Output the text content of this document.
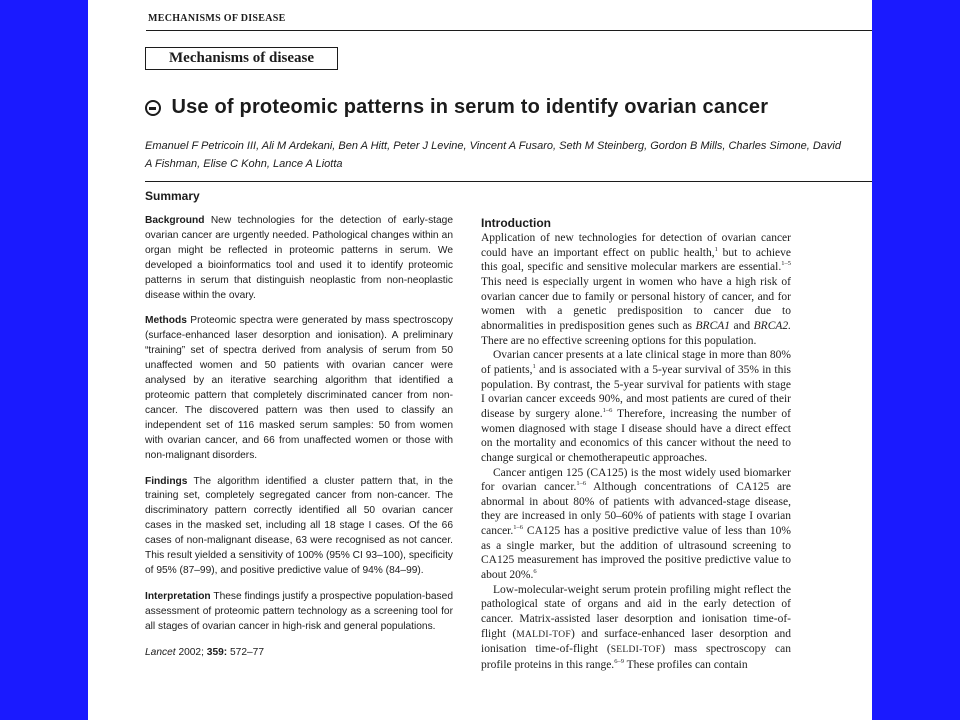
MECHANISMS OF DISEASE
Mechanisms of disease
Use of proteomic patterns in serum to identify ovarian cancer
Emanuel F Petricoin III, Ali M Ardekani, Ben A Hitt, Peter J Levine, Vincent A Fusaro, Seth M Steinberg, Gordon B Mills, Charles Simone, David A Fishman, Elise C Kohn, Lance A Liotta
Summary

Background New technologies for the detection of early-stage ovarian cancer are urgently needed. Pathological changes within an organ might be reflected in proteomic patterns in serum. We developed a bioinformatics tool and used it to identify proteomic patterns in serum that distinguish neoplastic from non-neoplastic disease within the ovary.

Methods Proteomic spectra were generated by mass spectroscopy (surface-enhanced laser desorption and ionisation). A preliminary “training” set of spectra derived from analysis of serum from 50 unaffected women and 50 patients with ovarian cancer were analysed by an iterative searching algorithm that identified a proteomic pattern that completely discriminated cancer from non-cancer. The discovered pattern was then used to classify an independent set of 116 masked serum samples: 50 from women with ovarian cancer, and 66 from unaffected women or those with non-malignant disorders.

Findings The algorithm identified a cluster pattern that, in the training set, completely segregated cancer from non-cancer. The discriminatory pattern correctly identified all 50 ovarian cancer cases in the masked set, including all 18 stage I cases. Of the 66 cases of non-malignant disease, 63 were recognised as not cancer. This result yielded a sensitivity of 100% (95% CI 93–100), specificity of 95% (87–99), and positive predictive value of 94% (84–99).

Interpretation These findings justify a prospective population-based assessment of proteomic pattern technology as a screening tool for all stages of ovarian cancer in high-risk and general populations.

Lancet 2002; 359: 572–77

Introduction

Application of new technologies for detection of ovarian cancer could have an important effect on public health,$^1$ but to achieve this goal, specific and sensitive molecular markers are essential.$^{1-5}$ This need is especially urgent in women who have a high risk of ovarian cancer due to family or personal history of cancer, and for women with a genetic predisposition to cancer due to abnormalities in predisposition genes such as BRCA1 and BRCA2. There are no effective screening options for this population.

Ovarian cancer presents at a late clinical stage in more than 80% of patients,$^1$ and is associated with a 5-year survival of 35% in this population. By contrast, the 5-year survival for patients with stage I ovarian cancer exceeds 90%, and most patients are cured of their disease by surgery alone.$^{1-6}$ Therefore, increasing the number of women diagnosed with stage I disease should have a direct effect on the mortality and economics of this cancer without the need to change surgical or chemotherapeutic approaches.

Cancer antigen 125 (CA125) is the most widely used biomarker for ovarian cancer.$^{1-6}$ Although concentrations of CA125 are abnormal in about 80% of patients with advanced-stage disease, they are increased in only 50–60% of patients with stage I ovarian cancer.$^{1-6}$ CA125 has a positive predictive value of less than 10% as a single marker, but the addition of ultrasound screening to CA125 measurement has improved the positive predictive value to about 20%.$^6$

Low-molecular-weight serum protein profiling might reflect the pathological state of organs and aid in the early detection of cancer. Matrix-assisted laser desorption and ionisation time-of-flight (MALDI-TOF) and surface-enhanced laser desorption and ionisation time-of-flight (SELDI-TOF) mass spectroscopy can profile proteins in this range.$^{6-9}$ These profiles can contain
